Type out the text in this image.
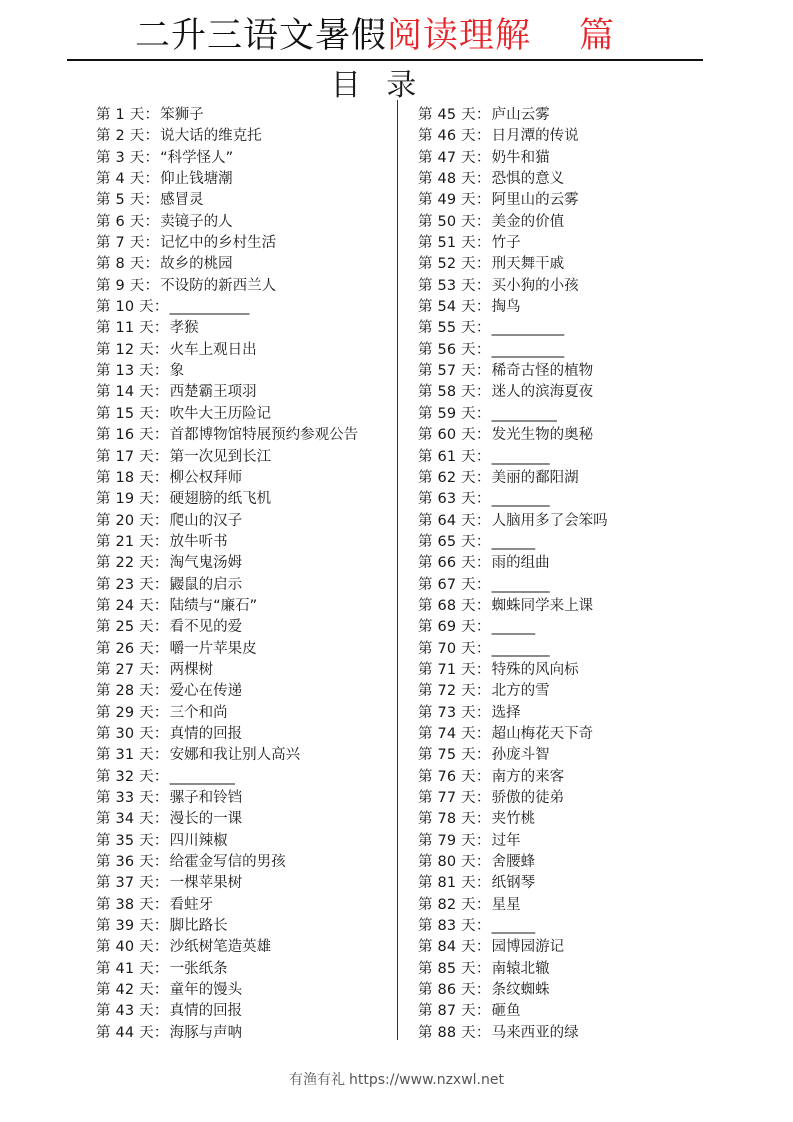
二升三语文暑假阅读理解 篇
目 录
第 1 天：笨狮子
第 2 天：说大话的维克托
第 3 天：“科学怪人”
第 4 天：仰止钱塘潮
第 5 天：感冒灵
第 6 天：卖镜子的人
第 7 天：记忆中的乡村生活
第 8 天：故乡的桃园
第 9 天：不设防的新西兰人
第 10 天：___________
第 11 天：孝猴
第 12 天：火车上观日出
第 13 天：象
第 14 天：西楚霸王项羽
第 15 天：吹牛大王历险记
第 16 天：首都博物馆特展预约参观公告
第 17 天：第一次见到长江
第 18 天：柳公权拜师
第 19 天：硬翅膀的纸飞机
第 20 天：爬山的汉子
第 21 天：放牛听书
第 22 天：淘气鬼汤姆
第 23 天：鼹鼠的启示
第 24 天：陆绩与“廉石”
第 25 天：看不见的爱
第 26 天：嚼一片苹果皮
第 27 天：两棵树
第 28 天：爱心在传递
第 29 天：三个和尚
第 30 天：真情的回报
第 31 天：安娜和我让别人高兴
第 32 天：_________
第 33 天：骡子和铃铛
第 34 天：漫长的一课
第 35 天：四川辣椒
第 36 天：给霍金写信的男孩
第 37 天：一棵苹果树
第 38 天：看蛀牙
第 39 天：脚比路长
第 40 天：沙纸树笔造英雄
第 41 天：一张纸条
第 42 天：童年的馒头
第 43 天：真情的回报
第 44 天：海豚与声呐
第 45 天：庐山云雾
第 46 天：日月潭的传说
第 47 天：奶牛和猫
第 48 天：恐惧的意义
第 49 天：阿里山的云雾
第 50 天：美金的价值
第 51 天：竹子
第 52 天：刑天舞干戚
第 53 天：买小狗的小孩
第 54 天：掏鸟
第 55 天：__________
第 56 天：__________
第 57 天：稀奇古怪的植物
第 58 天：迷人的滨海夏夜
第 59 天：_________
第 60 天：发光生物的奥秘
第 61 天：________
第 62 天：美丽的鄱阳湖
第 63 天：________
第 64 天：人脑用多了会笨吗
第 65 天：______
第 66 天：雨的组曲
第 67 天：________
第 68 天：蜘蛛同学来上课
第 69 天：______
第 70 天：________
第 71 天：特殊的风向标
第 72 天：北方的雪
第 73 天：选择
第 74 天：超山梅花天下奇
第 75 天：孙庞斗智
第 76 天：南方的来客
第 77 天：骄傲的徒弟
第 78 天：夹竹桃
第 79 天：过年
第 80 天：舍腰蜂
第 81 天：纸钢琴
第 82 天：星星
第 83 天：______
第 84 天：园博园游记
第 85 天：南辕北辙
第 86 天：条纹蜘蛛
第 87 天：砸鱼
第 88 天：马来西亚的绿
有渔有礼 https://www.nzxwl.net
